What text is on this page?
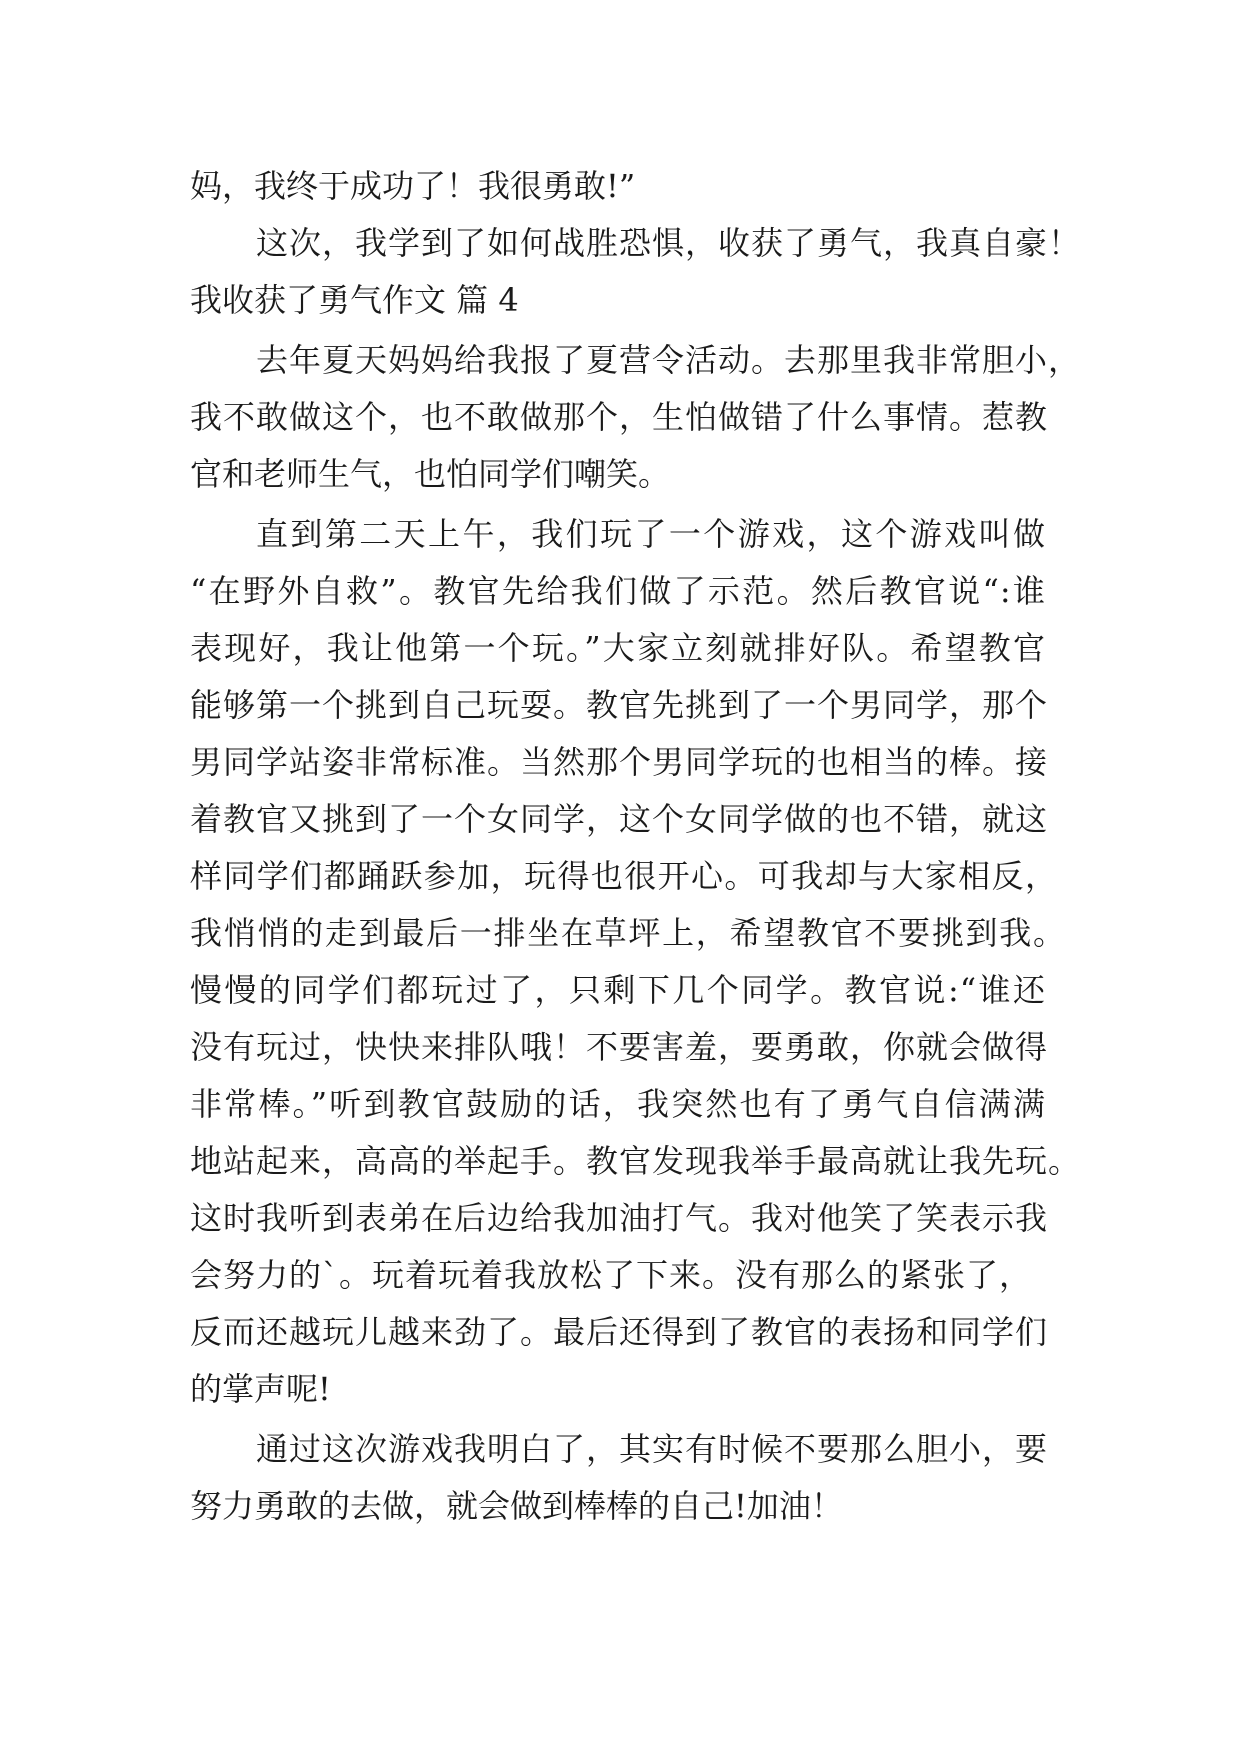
妈，我终于成功了！我很勇敢!”
这次，我学到了如何战胜恐惧，收获了勇气，我真自豪！
我收获了勇气作文 篇 4
去年夏天妈妈给我报了夏营令活动。去那里我非常胆小，
我不敢做这个，也不敢做那个，生怕做错了什么事情。惹教
官和老师生气，也怕同学们嘲笑。
直到第二天上午，我们玩了一个游戏，这个游戏叫做
“在野外自救”。教官先给我们做了示范。然后教官说“:谁
表现好，我让他第一个玩。”大家立刻就排好队。希望教官
能够第一个挑到自己玩耍。教官先挑到了一个男同学，那个
男同学站姿非常标准。当然那个男同学玩的也相当的棒。接
着教官又挑到了一个女同学，这个女同学做的也不错，就这
样同学们都踊跃参加，玩得也很开心。可我却与大家相反，
我悄悄的走到最后一排坐在草坪上，希望教官不要挑到我。
慢慢的同学们都玩过了，只剩下几个同学。教官说:“谁还
没有玩过，快快来排队哦！不要害羞，要勇敢，你就会做得
非常棒。”听到教官鼓励的话，我突然也有了勇气自信满满
地站起来，高高的举起手。教官发现我举手最高就让我先玩。
这时我听到表弟在后边给我加油打气。我对他笑了笑表示我
会努力的`。玩着玩着我放松了下来。没有那么的紧张了，
反而还越玩儿越来劲了。最后还得到了教官的表扬和同学们
的掌声呢!
通过这次游戏我明白了，其实有时候不要那么胆小，要
努力勇敢的去做，就会做到棒棒的自己!加油！
